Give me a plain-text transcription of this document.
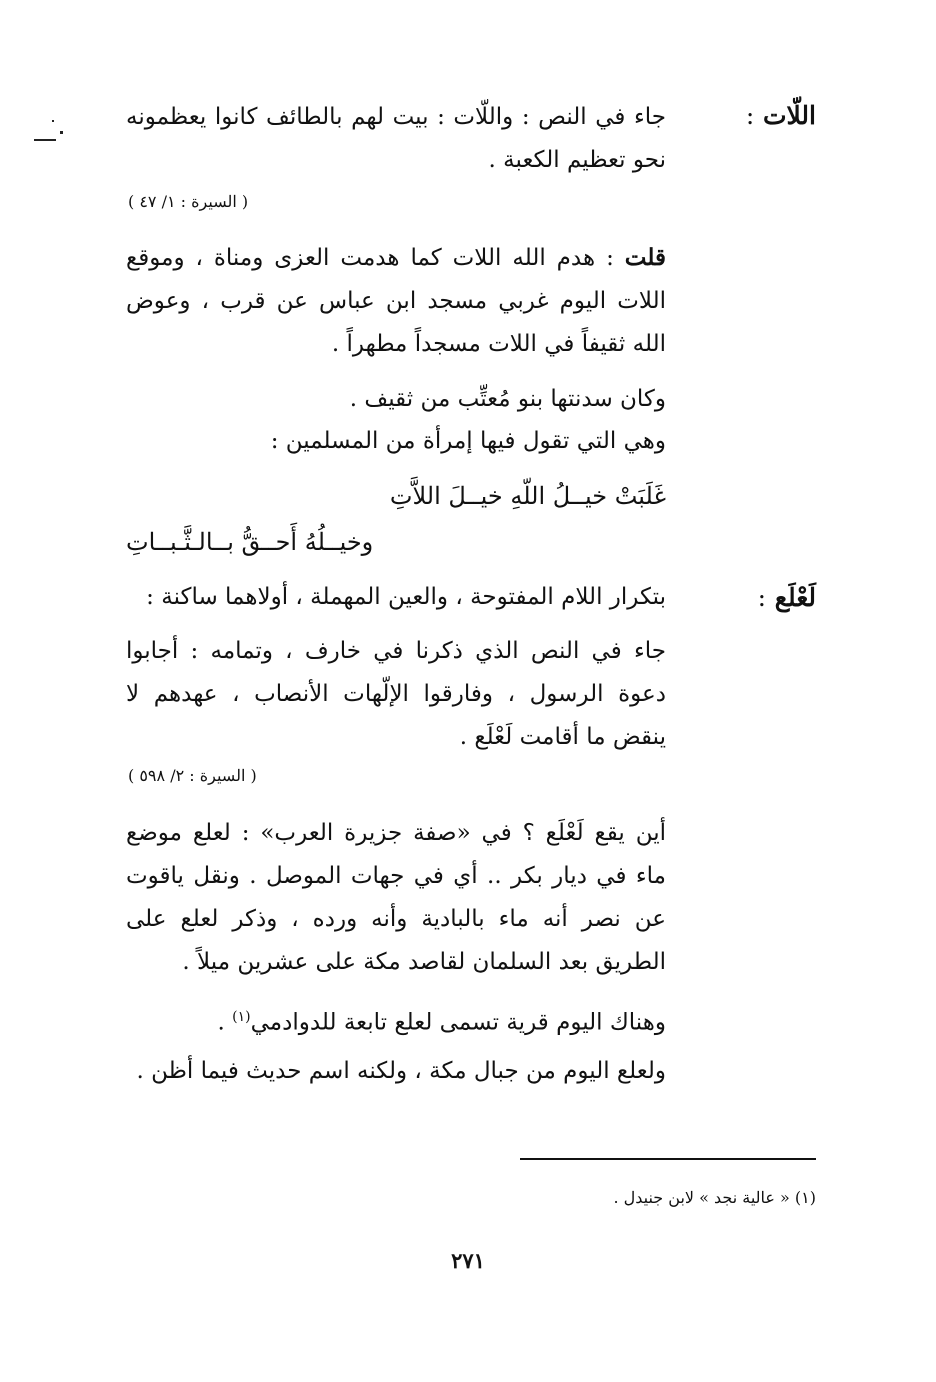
اللّات :

جاء في النص : واللّات : بيت لهم بالطائف كانوا يعظمونه نحو تعظيم الكعبة .

( السيرة : ١/ ٤٧ )

قلت : هدم الله اللات كما هدمت العزى ومناة ، وموقع اللات اليوم غربي مسجد ابن عباس عن قرب ، وعوض الله ثقيفاً في اللات مسجداً مطهراً .

وكان سدنتها بنو مُعتِّب من ثقيف .

وهي التي تقول فيها إمرأة من المسلمين :

غَلَبَتْ خيــلُ اللّهِ خيــلَ اللاَّتِ
وخيــلُهُ أَحــقُّ بــالـثَّـبــاتِ
لَعْلَع :

بتكرار اللام المفتوحة ، والعين المهملة ، أولاهما ساكنة :

جاء في النص الذي ذكرنا في خارف ، وتمامه : أجابوا دعوة الرسول ، وفارقوا الإلّهات الأنصاب ، عهدهم لا ينقض ما أقامت لَعْلَع .

( السيرة : ٢/ ٥٩٨ )

أين يقع لَعْلَع ؟ في «صفة جزيرة العرب» : لعلع موضع ماء في ديار بكر .. أي في جهات الموصل . ونقل ياقوت عن نصر أنه ماء بالبادية وأنه ورده ، وذكر لعلع على الطريق بعد السلمان لقاصد مكة على عشرين ميلاً .

وهناك اليوم قرية تسمى لعلع تابعة للدوادمي$^{(١)}$ .

ولعلع اليوم من جبال مكة ، ولكنه اسم حديث فيما أظن .

(١) « عالية نجد » لابن جنيدل .
٢٧١
